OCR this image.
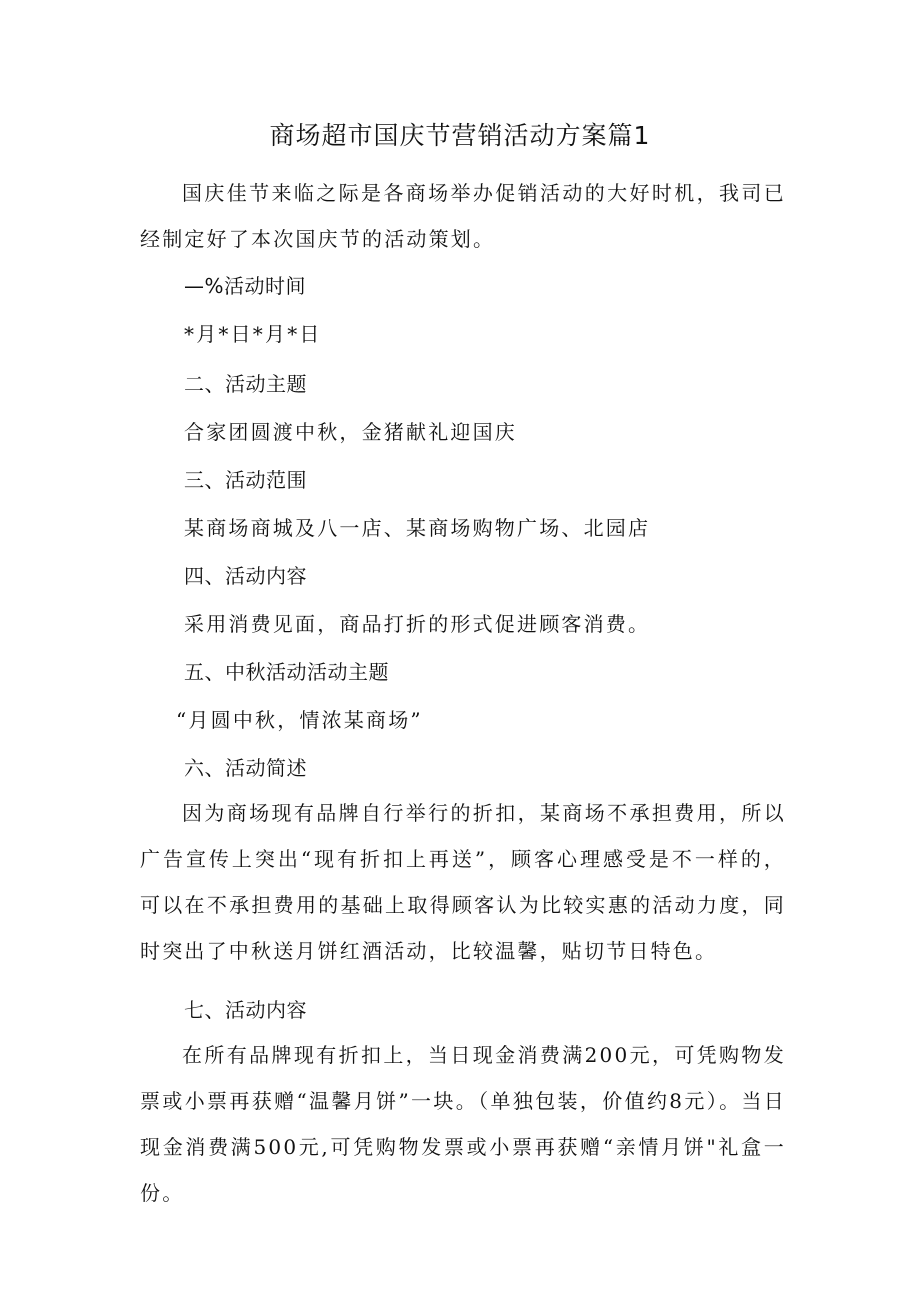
商场超市国庆节营销活动方案篇1

国庆佳节来临之际是各商场举办促销活动的大好时机，我司已经制定好了本次国庆节的活动策划。

—%活动时间
*月*日*月*日
二、活动主题
合家团圆渡中秋，金猪献礼迎国庆
三、活动范围
某商场商城及八一店、某商场购物广场、北园店
四、活动内容
采用消费见面，商品打折的形式促进顾客消费。
五、中秋活动活动主题
“月圆中秋，情浓某商场”
六、活动简述

因为商场现有品牌自行举行的折扣，某商场不承担费用，所以广告宣传上突出“现有折扣上再送”，顾客心理感受是不一样的，可以在不承担费用的基础上取得顾客认为比较实惠的活动力度，同时突出了中秋送月饼红酒活动，比较温馨，贴切节日特色。

七、活动内容

在所有品牌现有折扣上，当日现金消费满200元，可凭购物发票或小票再获赠“温馨月饼”一块。（单独包装，价值约8元）。当日现金消费满500元,可凭购物发票或小票再获赠“亲情月饼"礼盒一份。
